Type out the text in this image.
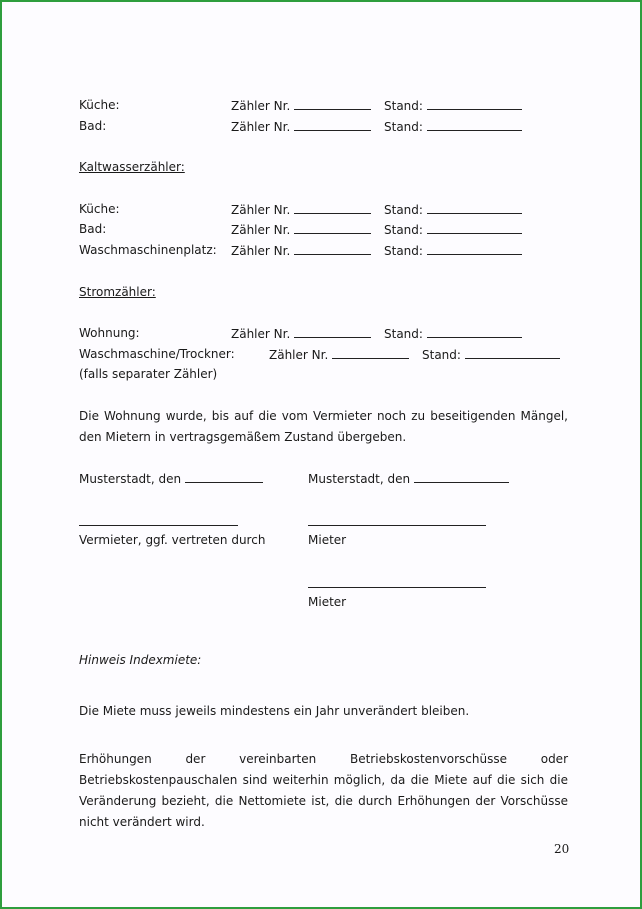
Küche:	Zähler Nr.	Stand:
Bad:	Zähler Nr.	Stand:
Kaltwasserzähler:
Küche:	Zähler Nr.	Stand:
Bad:	Zähler Nr.	Stand:
Waschmaschinenplatz: Zähler Nr.	Stand:
Stromzähler:
Wohnung:	Zähler Nr.	Stand:
Waschmaschine/Trockner:	Zähler Nr.	Stand:
(falls separater Zähler)
Die Wohnung wurde, bis auf die vom Vermieter noch zu beseitigenden Mängel, den Mietern in vertragsgemäßem Zustand übergeben.
Musterstadt, den	Musterstadt, den
Vermieter, ggf. vertreten durch	Mieter
Mieter
Hinweis Indexmiete:
Die Miete muss jeweils mindestens ein Jahr unverändert bleiben.
Erhöhungen der vereinbarten Betriebskostenvorschüsse oder
Betriebskostenpauschalen sind weiterhin möglich, da die Miete auf die sich die Veränderung bezieht, die Nettomiete ist, die durch Erhöhungen der Vorschüsse nicht verändert wird.
20
